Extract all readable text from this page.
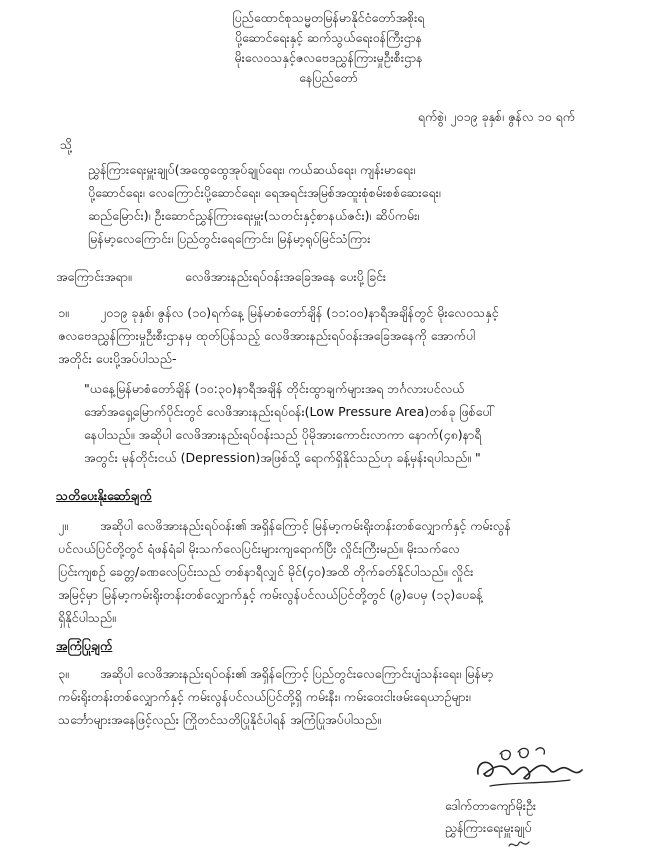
ပြည်ထောင်စုသမ္မတမြန်မာနိုင်ငံတော်အစိုးရ
ပို့ဆောင်ရေးနှင့် ဆက်သွယ်ရေးဝန်ကြီးဌာန
မိုးလေဝသနှင့်ဇလဗေဒညွှန်ကြားမှုဦးစီးဌာန
နေပြည်တော်
ရက်စွဲ၊ ၂၀၁၉ ခုနှစ်၊ ဇွန်လ ၁၀ ရက်
သို့
ညွှန်ကြားရေးမှူးချုပ်(အထွေထွေအုပ်ချုပ်ရေး၊ ကယ်ဆယ်ရေး၊ ကျန်းမာရေး၊
ပို့ဆောင်ရေး၊ လေကြောင်းပို့ဆောင်ရေး၊ ရေအရင်းအမြစ်အထူးစုံစမ်းစစ်ဆေးရေး၊
ဆည်မြောင်း)၊ ဦးဆောင်ညွှန်ကြားရေးမှူး(သတင်းနှင့်စာနယ်ဇင်း)၊ ဆိပ်ကမ်း၊
မြန်မာ့လေကြောင်း၊ ပြည်တွင်းရေကြောင်း၊ မြန်မာ့ရုပ်မြင်သံကြား
အကြောင်းအရာ။	လေဖိအားနည်းရပ်ဝန်းအခြေအနေ ပေးပို့ခြင်း
၁။ ၂၀၁၉ ခုနှစ်၊ ဇွန်လ (၁၀)ရက်နေ့ မြန်မာစံတော်ချိန် (၁၁:၀၀)နာရီအချိန်တွင် မိုးလေဝသနှင့်
ဇလဗေဒညွှန်ကြားမှုဦးစီးဌာနမှ ထုတ်ပြန်သည့် လေဖိအားနည်းရပ်ဝန်းအခြေအနေကို အောက်ပါ
အတိုင်း ပေးပို့အပ်ပါသည်-
"ယနေ့မြန်မာစံတော်ချိန် (၁၀:၃၀)နာရီအချိန် တိုင်းထွာချက်များအရ ဘင်္ဂလားပင်လယ်
အော်အရှေ့မြောက်ပိုင်းတွင် လေဖိအားနည်းရပ်ဝန်း(Low Pressure Area)တစ်ခု ဖြစ်ပေါ်
နေပါသည်။ အဆိုပါ လေဖိအားနည်းရပ်ဝန်းသည် ပိုမိုအားကောင်းလာကာ နောက်(၄၈)နာရီ
အတွင်း မုန်တိုင်းငယ် (Depression)အဖြစ်သို့ ရောက်ရှိနိုင်သည်ဟု ခန့်မှန်းရပါသည်။ "
သတိပေးနိုးဆော်ချက်
၂။	အဆိုပါ လေဖိအားနည်းရပ်ဝန်း၏ အရှိန်ကြောင့် မြန်မာ့ကမ်းရိုးတန်းတစ်လျှောက်နှင့် ကမ်းလွန်
ပင်လယ်ပြင်တို့တွင် ရံဖန်ရံခါ မိုးသက်လေပြင်းများကျရောက်ပြီး လှိုင်းကြီးမည်။ မိုးသက်လေ
ပြင်းကျစဉ် ခေတ္တ/ခဏလေပြင်းသည် တစ်နာရီလျှင် မိုင်(၄၀)အထိ တိုက်ခတ်နိုင်ပါသည်။ လှိုင်း
အမြင့်မှာ မြန်မာ့ကမ်းရိုးတန်းတစ်လျှောက်နှင့် ကမ်းလွန်ပင်လယ်ပြင်တို့တွင် (၉)ပေမှ (၁၃)ပေခန့်
ရှိနိုင်ပါသည်။
အကြံပြုချက်
၃။ အဆိုပါ လေဖိအားနည်းရပ်ဝန်း၏ အရှိန်ကြောင့် ပြည်တွင်းလေကြောင်းပျံသန်းရေး၊ မြန်မာ့
ကမ်းရိုးတန်းတစ်လျှောက်နှင့် ကမ်းလွန်ပင်လယ်ပြင်တို့ရှိ ကမ်းနီး၊ ကမ်းဝေးငါးဖမ်းရေယာဉ်များ၊
သင်္ဘောများအနေဖြင့်လည်း ကြိုတင်သတိပြုနိုင်ပါရန် အကြံပြုအပ်ပါသည်။
ဒေါက်တာကျော်မိုးဦး
ညွှန်ကြားရေးမှူးချုပ်
